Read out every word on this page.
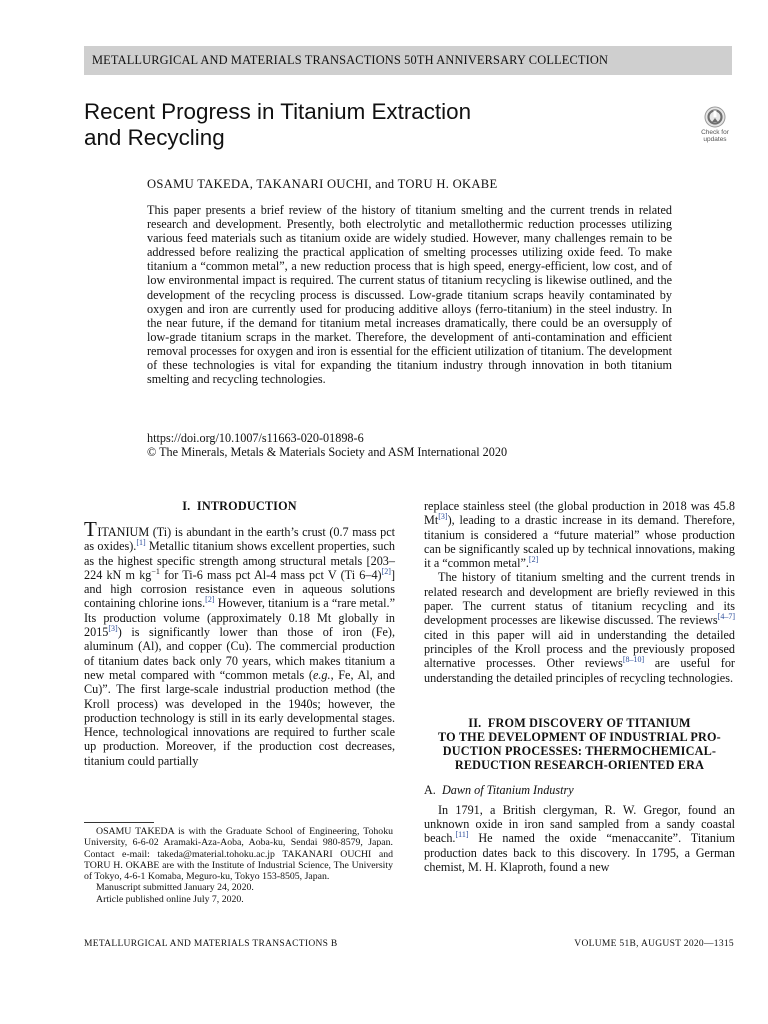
METALLURGICAL AND MATERIALS TRANSACTIONS 50TH ANNIVERSARY COLLECTION
Recent Progress in Titanium Extraction
and Recycling	Check for
updates
OSAMU TAKEDA, TAKANARI OUCHI, and TORU H. OKABE

This paper presents a brief review of the history of titanium smelting and the current trends in related research and development. Presently, both electrolytic and metallothermic reduction processes utilizing various feed materials such as titanium oxide are widely studied. However, many challenges remain to be addressed before realizing the practical application of smelting processes utilizing oxide feed. To make titanium a “common metal”, a new reduction process that is high speed, energy-efficient, low cost, and of low environmental impact is required. The current status of titanium recycling is likewise outlined, and the development of the recycling process is discussed. Low-grade titanium scraps heavily contaminated by oxygen and iron are currently used for producing additive alloys (ferro-titanium) in the steel industry. In the near future, if the demand for titanium metal increases dramatically, there could be an oversupply of low-grade titanium scraps in the market. Therefore, the development of anti-contamination and efficient removal processes for oxygen and iron is essential for the efficient utilization of titanium. The development of these technologies is vital for expanding the titanium industry through innovation in both titanium smelting and recycling technologies.

https://doi.org/10.1007/s11663-020-01898-6
© The Minerals, Metals & Materials Society and ASM International 2020
I.  INTRODUCTION

TITANIUM (Ti) is abundant in the earth’s crust (0.7 mass pct as oxides).[1] Metallic titanium shows excellent properties, such as the highest specific strength among structural metals [203–224 kN m $kg^{-1}$ for Ti-6 mass pct Al-4 mass pct V (Ti 6–4)[2]] and high corrosion resistance even in aqueous solutions containing chlorine ions.[2] However, titanium is a “rare metal.” Its production volume (approximately 0.18 Mt globally in 2015[3]) is significantly lower than those of iron (Fe), aluminum (Al), and copper (Cu). The commercial production of titanium dates back only 70 years, which makes titanium a new metal compared with “common metals (e.g., Fe, Al, and Cu)”. The first large-scale industrial production method (the Kroll process) was developed in the 1940s; however, the production technology is still in its early developmental stages. Hence, technological innovations are required to further scale up production. Moreover, if the production cost decreases, titanium could partially

replace stainless steel (the global production in 2018 was 45.8 Mt[3]), leading to a drastic increase in its demand. Therefore, titanium is considered a “future material” whose production can be significantly scaled up by technical innovations, making it a “common metal”.[2]

The history of titanium smelting and the current trends in related research and development are briefly reviewed in this paper. The current status of titanium recycling and its development processes are likewise discussed. The reviews[4–7] cited in this paper will aid in understanding the detailed principles of the Kroll process and the previously proposed alternative processes. Other reviews[8–10] are useful for understanding the detailed principles of recycling technologies.

II.  FROM DISCOVERY OF TITANIUM
TO THE DEVELOPMENT OF INDUSTRIAL PRO-
DUCTION PROCESSES: THERMOCHEMICAL-
REDUCTION RESEARCH-ORIENTED ERA

A.  Dawn of Titanium Industry

In 1791, a British clergyman, R. W. Gregor, found an unknown oxide in iron sand sampled from a sandy coastal beach.[11] He named the oxide “menaccanite”. Titanium production dates back to this discovery. In 1795, a German chemist, M. H. Klaproth, found a new

OSAMU TAKEDA is with the Graduate School of Engineering, Tohoku University, 6-6-02 Aramaki-Aza-Aoba, Aoba-ku, Sendai 980-8579, Japan. Contact e-mail: takeda@material.tohoku.ac.jp TAKANARI OUCHI and TORU H. OKABE are with the Institute of Industrial Science, The University of Tokyo, 4-6-1 Komaba, Meguro-ku, Tokyo 153-8505, Japan.

Manuscript submitted January 24, 2020.

Article published online July 7, 2020.

METALLURGICAL AND MATERIALS TRANSACTIONS B	VOLUME 51B, AUGUST 2020—1315
